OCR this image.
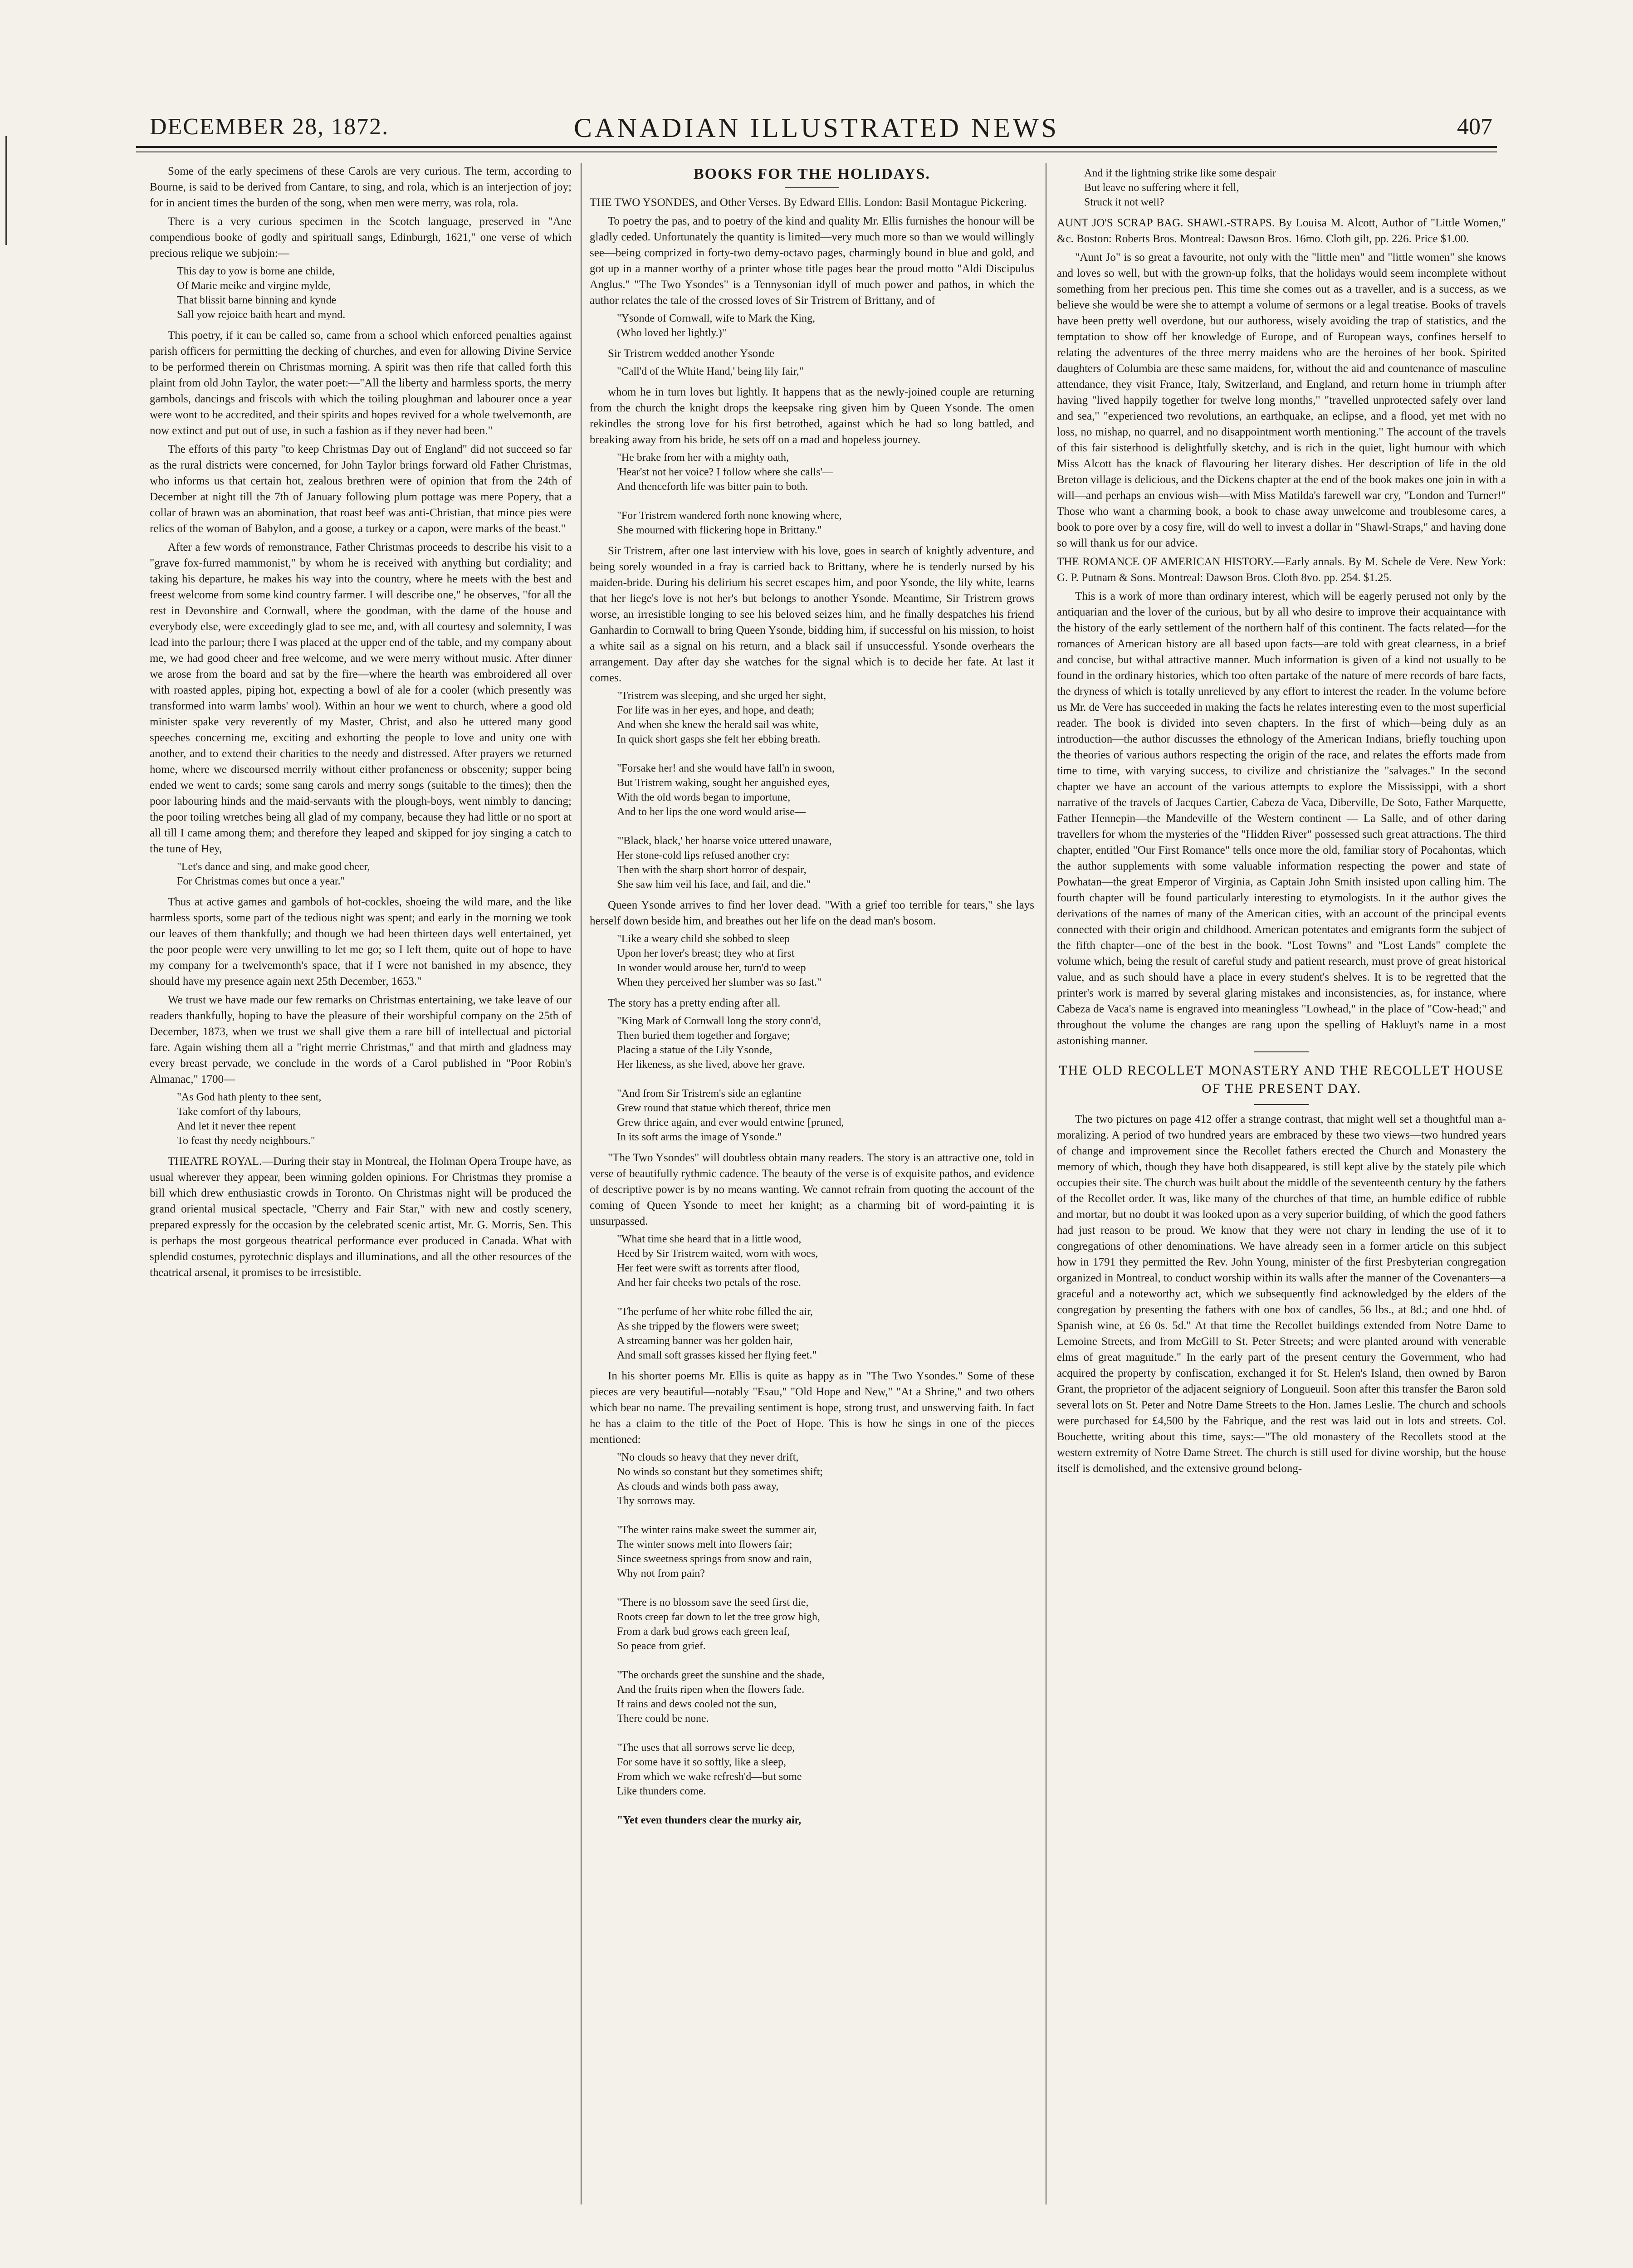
DECEMBER 28, 1872.	CANADIAN ILLUSTRATED NEWS	407

Some of the early specimens of these Carols are very curious. The term, according to Bourne, is said to be derived from Cantare, to sing, and rola, which is an interjection of joy; for in ancient times the burden of the song, when men were merry, was rola, rola.

There is a very curious specimen in the Scotch language, preserved in "Ane compendious booke of godly and spirituall sangs, Edinburgh, 1621," one verse of which precious relique we subjoin:—

This day to yow is borne ane childe,
Of Marie meike and virgine mylde,
That blissit barne binning and kynde
Sall yow rejoice baith heart and mynd.

This poetry, if it can be called so, came from a school which enforced penalties against parish officers for permitting the decking of churches, and even for allowing Divine Service to be performed therein on Christmas morning. A spirit was then rife that called forth this plaint from old John Taylor, the water poet:—"All the liberty and harmless sports, the merry gambols, dancings and friscols with which the toiling ploughman and labourer once a year were wont to be accredited, and their spirits and hopes revived for a whole twelvemonth, are now extinct and put out of use, in such a fashion as if they never had been."

The efforts of this party "to keep Christmas Day out of England" did not succeed so far as the rural districts were concerned, for John Taylor brings forward old Father Christmas, who informs us that certain hot, zealous brethren were of opinion that from the 24th of December at night till the 7th of January following plum pottage was mere Popery, that a collar of brawn was an abomination, that roast beef was anti-Christian, that mince pies were relics of the woman of Babylon, and a goose, a turkey or a capon, were marks of the beast."

After a few words of remonstrance, Father Christmas proceeds to describe his visit to a "grave fox-furred mammonist," by whom he is received with anything but cordiality; and taking his departure, he makes his way into the country, where he meets with the best and freest welcome from some kind country farmer. I will describe one," he observes, "for all the rest in Devonshire and Cornwall, where the goodman, with the dame of the house and everybody else, were exceedingly glad to see me, and, with all courtesy and solemnity, I was lead into the parlour; there I was placed at the upper end of the table, and my company about me, we had good cheer and free welcome, and we were merry without music. After dinner we arose from the board and sat by the fire—where the hearth was embroidered all over with roasted apples, piping hot, expecting a bowl of ale for a cooler (which presently was transformed into warm lambs' wool). Within an hour we went to church, where a good old minister spake very reverently of my Master, Christ, and also he uttered many good speeches concerning me, exciting and exhorting the people to love and unity one with another, and to extend their charities to the needy and distressed. After prayers we returned home, where we discoursed merrily without either profaneness or obscenity; supper being ended we went to cards; some sang carols and merry songs (suitable to the times); then the poor labouring hinds and the maid-servants with the plough-boys, went nimbly to dancing; the poor toiling wretches being all glad of my company, because they had little or no sport at all till I came among them; and therefore they leaped and skipped for joy singing a catch to the tune of Hey,

"Let's dance and sing, and make good cheer,
For Christmas comes but once a year."

Thus at active games and gambols of hot-cockles, shoeing the wild mare, and the like harmless sports, some part of the tedious night was spent; and early in the morning we took our leaves of them thankfully; and though we had been thirteen days well entertained, yet the poor people were very unwilling to let me go; so I left them, quite out of hope to have my company for a twelvemonth's space, that if I were not banished in my absence, they should have my presence again next 25th December, 1653."

We trust we have made our few remarks on Christmas entertaining, we take leave of our readers thankfully, hoping to have the pleasure of their worshipful company on the 25th of December, 1873, when we trust we shall give them a rare bill of intellectual and pictorial fare. Again wishing them all a "right merrie Christmas," and that mirth and gladness may every breast pervade, we conclude in the words of a Carol published in "Poor Robin's Almanac," 1700—

"As God hath plenty to thee sent,
Take comfort of thy labours,
And let it never thee repent
To feast thy needy neighbours."

THEATRE ROYAL.—During their stay in Montreal, the Holman Opera Troupe have, as usual wherever they appear, been winning golden opinions. For Christmas they promise a bill which drew enthusiastic crowds in Toronto. On Christmas night will be produced the grand oriental musical spectacle, "Cherry and Fair Star," with new and costly scenery, prepared expressly for the occasion by the celebrated scenic artist, Mr. G. Morris, Sen. This is perhaps the most gorgeous theatrical performance ever produced in Canada. What with splendid costumes, pyrotechnic displays and illuminations, and all the other resources of the theatrical arsenal, it promises to be irresistible.

BOOKS FOR THE HOLIDAYS.

THE TWO YSONDES, and Other Verses. By Edward Ellis. London: Basil Montague Pickering.

To poetry the pas, and to poetry of the kind and quality Mr. Ellis furnishes the honour will be gladly ceded. Unfortunately the quantity is limited—very much more so than we would willingly see—being comprized in forty-two demy-octavo pages, charmingly bound in blue and gold, and got up in a manner worthy of a printer whose title pages bear the proud motto "Aldi Discipulus Anglus." "The Two Ysondes" is a Tennysonian idyll of much power and pathos, in which the author relates the tale of the crossed loves of Sir Tristrem of Brittany, and of

"Ysonde of Cornwall, wife to Mark the King,
(Who loved her lightly.)"

Sir Tristrem wedded another Ysonde

"Call'd of the White Hand,' being lily fair,"

whom he in turn loves but lightly. It happens that as the newly-joined couple are returning from the church the knight drops the keepsake ring given him by Queen Ysonde. The omen rekindles the strong love for his first betrothed, against which he had so long battled, and breaking away from his bride, he sets off on a mad and hopeless journey.

"He brake from her with a mighty oath,
'Hear'st not her voice? I follow where she calls'—
And thenceforth life was bitter pain to both.

"For Tristrem wandered forth none knowing where,
She mourned with flickering hope in Brittany."

Sir Tristrem, after one last interview with his love, goes in search of knightly adventure, and being sorely wounded in a fray is carried back to Brittany, where he is tenderly nursed by his maiden-bride. During his delirium his secret escapes him, and poor Ysonde, the lily white, learns that her liege's love is not her's but belongs to another Ysonde. Meantime, Sir Tristrem grows worse, an irresistible longing to see his beloved seizes him, and he finally despatches his friend Ganhardin to Cornwall to bring Queen Ysonde, bidding him, if successful on his mission, to hoist a white sail as a signal on his return, and a black sail if unsuccessful. Ysonde overhears the arrangement. Day after day she watches for the signal which is to decide her fate. At last it comes.

"Tristrem was sleeping, and she urged her sight,
For life was in her eyes, and hope, and death;
And when she knew the herald sail was white,
In quick short gasps she felt her ebbing breath.

"Forsake her! and she would have fall'n in swoon,
But Tristrem waking, sought her anguished eyes,
With the old words began to importune,
And to her lips the one word would arise—

"'Black, black,' her hoarse voice uttered unaware,
Her stone-cold lips refused another cry:
Then with the sharp short horror of despair,
She saw him veil his face, and fail, and die."

Queen Ysonde arrives to find her lover dead. "With a grief too terrible for tears," she lays herself down beside him, and breathes out her life on the dead man's bosom.

"Like a weary child she sobbed to sleep
Upon her lover's breast; they who at first
In wonder would arouse her, turn'd to weep
When they perceived her slumber was so fast."

The story has a pretty ending after all.

"King Mark of Cornwall long the story conn'd,
Then buried them together and forgave;
Placing a statue of the Lily Ysonde,
Her likeness, as she lived, above her grave.

"And from Sir Tristrem's side an eglantine
Grew round that statue which thereof, thrice men
Grew thrice again, and ever would entwine [pruned,
In its soft arms the image of Ysonde."

"The Two Ysondes" will doubtless obtain many readers. The story is an attractive one, told in verse of beautifully rythmic cadence. The beauty of the verse is of exquisite pathos, and evidence of descriptive power is by no means wanting. We cannot refrain from quoting the account of the coming of Queen Ysonde to meet her knight; as a charming bit of word-painting it is unsurpassed.

"What time she heard that in a little wood,
Heed by Sir Tristrem waited, worn with woes,
Her feet were swift as torrents after flood,
And her fair cheeks two petals of the rose.

"The perfume of her white robe filled the air,
As she tripped by the flowers were sweet;
A streaming banner was her golden hair,
And small soft grasses kissed her flying feet."

In his shorter poems Mr. Ellis is quite as happy as in "The Two Ysondes." Some of these pieces are very beautiful—notably "Esau," "Old Hope and New," "At a Shrine," and two others which bear no name. The prevailing sentiment is hope, strong trust, and unswerving faith. In fact he has a claim to the title of the Poet of Hope. This is how he sings in one of the pieces mentioned:

"No clouds so heavy that they never drift,
No winds so constant but they sometimes shift;
As clouds and winds both pass away,
Thy sorrows may.

"The winter rains make sweet the summer air,
The winter snows melt into flowers fair;
Since sweetness springs from snow and rain,
Why not from pain?

"There is no blossom save the seed first die,
Roots creep far down to let the tree grow high,
From a dark bud grows each green leaf,
So peace from grief.

"The orchards greet the sunshine and the shade,
And the fruits ripen when the flowers fade.
If rains and dews cooled not the sun,
There could be none.

"The uses that all sorrows serve lie deep,
For some have it so softly, like a sleep,
From which we wake refresh'd—but some
Like thunders come.

"Yet even thunders clear the murky air,
And if the lightning strike like some despair
But leave no suffering where it fell,
Struck it not well?

AUNT JO'S SCRAP BAG. SHAWL-STRAPS. By Louisa M. Alcott, Author of "Little Women," &c. Boston: Roberts Bros. Montreal: Dawson Bros. 16mo. Cloth gilt, pp. 226. Price $1.00.

"Aunt Jo" is so great a favourite, not only with the "little men" and "little women" she knows and loves so well, but with the grown-up folks, that the holidays would seem incomplete without something from her precious pen. This time she comes out as a traveller, and is a success, as we believe she would be were she to attempt a volume of sermons or a legal treatise. Books of travels have been pretty well overdone, but our authoress, wisely avoiding the trap of statistics, and the temptation to show off her knowledge of Europe, and of European ways, confines herself to relating the adventures of the three merry maidens who are the heroines of her book. Spirited daughters of Columbia are these same maidens, for, without the aid and countenance of masculine attendance, they visit France, Italy, Switzerland, and England, and return home in triumph after having "lived happily together for twelve long months," "travelled unprotected safely over land and sea," "experienced two revolutions, an earthquake, an eclipse, and a flood, yet met with no loss, no mishap, no quarrel, and no disappointment worth mentioning." The account of the travels of this fair sisterhood is delightfully sketchy, and is rich in the quiet, light humour with which Miss Alcott has the knack of flavouring her literary dishes. Her description of life in the old Breton village is delicious, and the Dickens chapter at the end of the book makes one join in with a will—and perhaps an envious wish—with Miss Matilda's farewell war cry, "London and Turner!" Those who want a charming book, a book to chase away unwelcome and troublesome cares, a book to pore over by a cosy fire, will do well to invest a dollar in "Shawl-Straps," and having done so will thank us for our advice.

THE ROMANCE OF AMERICAN HISTORY.—Early annals. By M. Schele de Vere. New York: G. P. Putnam & Sons. Montreal: Dawson Bros. Cloth 8vo. pp. 254. $1.25.

This is a work of more than ordinary interest, which will be eagerly perused not only by the antiquarian and the lover of the curious, but by all who desire to improve their acquaintance with the history of the early settlement of the northern half of this continent. The facts related—for the romances of American history are all based upon facts—are told with great clearness, in a brief and concise, but withal attractive manner. Much information is given of a kind not usually to be found in the ordinary histories, which too often partake of the nature of mere records of bare facts, the dryness of which is totally unrelieved by any effort to interest the reader. In the volume before us Mr. de Vere has succeeded in making the facts he relates interesting even to the most superficial reader. The book is divided into seven chapters. In the first of which—being duly as an introduction—the author discusses the ethnology of the American Indians, briefly touching upon the theories of various authors respecting the origin of the race, and relates the efforts made from time to time, with varying success, to civilize and christianize the "salvages." In the second chapter we have an account of the various attempts to explore the Mississippi, with a short narrative of the travels of Jacques Cartier, Cabeza de Vaca, Diberville, De Soto, Father Marquette, Father Hennepin—the Mandeville of the Western continent — La Salle, and of other daring travellers for whom the mysteries of the "Hidden River" possessed such great attractions. The third chapter, entitled "Our First Romance" tells once more the old, familiar story of Pocahontas, which the author supplements with some valuable information respecting the power and state of Powhatan—the great Emperor of Virginia, as Captain John Smith insisted upon calling him. The fourth chapter will be found particularly interesting to etymologists. In it the author gives the derivations of the names of many of the American cities, with an account of the principal events connected with their origin and childhood. American potentates and emigrants form the subject of the fifth chapter—one of the best in the book. "Lost Towns" and "Lost Lands" complete the volume which, being the result of careful study and patient research, must prove of great historical value, and as such should have a place in every student's shelves. It is to be regretted that the printer's work is marred by several glaring mistakes and inconsistencies, as, for instance, where Cabeza de Vaca's name is engraved into meaningless "Lowhead," in the place of "Cow-head;" and throughout the volume the changes are rang upon the spelling of Hakluyt's name in a most astonishing manner.

THE OLD RECOLLET MONASTERY AND THE RECOLLET HOUSE OF THE PRESENT DAY.

The two pictures on page 412 offer a strange contrast, that might well set a thoughtful man a-moralizing. A period of two hundred years are embraced by these two views—two hundred years of change and improvement since the Recollet fathers erected the Church and Monastery the memory of which, though they have both disappeared, is still kept alive by the stately pile which occupies their site. The church was built about the middle of the seventeenth century by the fathers of the Recollet order. It was, like many of the churches of that time, an humble edifice of rubble and mortar, but no doubt it was looked upon as a very superior building, of which the good fathers had just reason to be proud. We know that they were not chary in lending the use of it to congregations of other denominations. We have already seen in a former article on this subject how in 1791 they permitted the Rev. John Young, minister of the first Presbyterian congregation organized in Montreal, to conduct worship within its walls after the manner of the Covenanters—a graceful and a noteworthy act, which we subsequently find acknowledged by the elders of the congregation by presenting the fathers with one box of candles, 56 lbs., at 8d.; and one hhd. of Spanish wine, at £6 0s. 5d." At that time the Recollet buildings extended from Notre Dame to Lemoine Streets, and from McGill to St. Peter Streets; and were planted around with venerable elms of great magnitude." In the early part of the present century the Government, who had acquired the property by confiscation, exchanged it for St. Helen's Island, then owned by Baron Grant, the proprietor of the adjacent seigniory of Longueuil. Soon after this transfer the Baron sold several lots on St. Peter and Notre Dame Streets to the Hon. James Leslie. The church and schools were purchased for £4,500 by the Fabrique, and the rest was laid out in lots and streets. Col. Bouchette, writing about this time, says:—"The old monastery of the Recollets stood at the western extremity of Notre Dame Street. The church is still used for divine worship, but the house itself is demolished, and the extensive ground belong-
